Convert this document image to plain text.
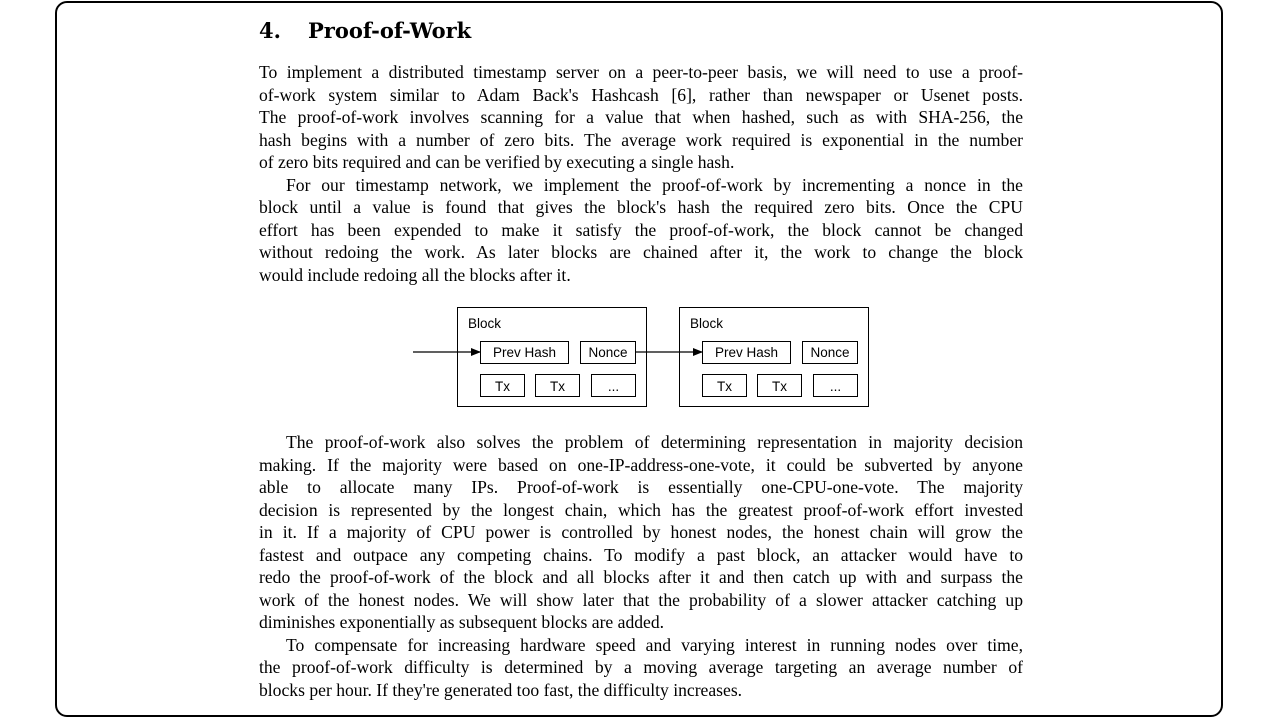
4. Proof-of-Work
To implement a distributed timestamp server on a peer-to-peer basis, we will need to use a proof-
of-work system similar to Adam Back's Hashcash [6], rather than newspaper or Usenet posts.
The proof-of-work involves scanning for a value that when hashed, such as with SHA-256, the
hash begins with a number of zero bits. The average work required is exponential in the number
of zero bits required and can be verified by executing a single hash.
For our timestamp network, we implement the proof-of-work by incrementing a nonce in the
block until a value is found that gives the block's hash the required zero bits. Once the CPU
effort has been expended to make it satisfy the proof-of-work, the block cannot be changed
without redoing the work. As later blocks are chained after it, the work to change the block
would include redoing all the blocks after it.
Block
Prev Hash Nonce
Tx	Tx	...
Block
Prev Hash Nonce
Tx	Tx	...
The proof-of-work also solves the problem of determining representation in majority decision
making. If the majority were based on one-IP-address-one-vote, it could be subverted by anyone
able to allocate many IPs. Proof-of-work is essentially one-CPU-one-vote. The majority
decision is represented by the longest chain, which has the greatest proof-of-work effort invested
in it. If a majority of CPU power is controlled by honest nodes, the honest chain will grow the
fastest and outpace any competing chains. To modify a past block, an attacker would have to
redo the proof-of-work of the block and all blocks after it and then catch up with and surpass the
work of the honest nodes. We will show later that the probability of a slower attacker catching up
diminishes exponentially as subsequent blocks are added.
To compensate for increasing hardware speed and varying interest in running nodes over time,
the proof-of-work difficulty is determined by a moving average targeting an average number of
blocks per hour. If they're generated too fast, the difficulty increases.
